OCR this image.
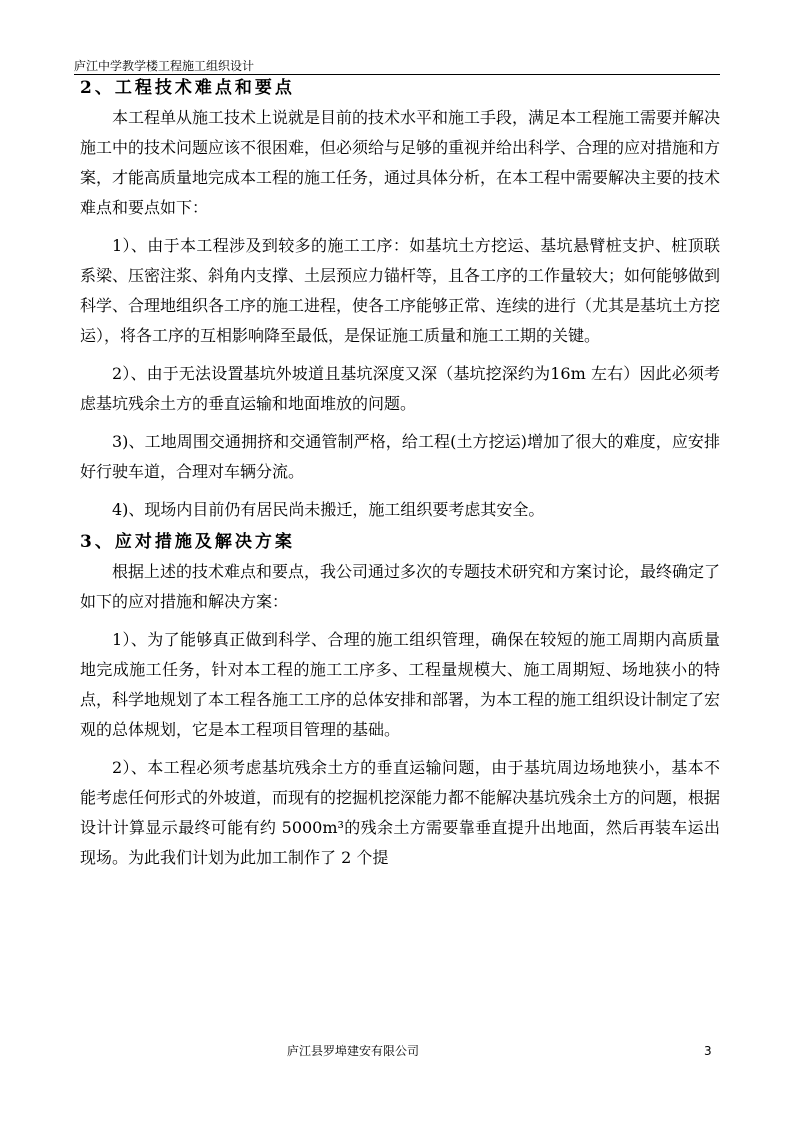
庐江中学教学楼工程施工组织设计
2、工程技术难点和要点

本工程单从施工技术上说就是目前的技术水平和施工手段，满足本工程施工需要并解决施工中的技术问题应该不很困难，但必须给与足够的重视并给出科学、合理的应对措施和方案，才能高质量地完成本工程的施工任务，通过具体分析，在本工程中需要解决主要的技术难点和要点如下：

1）、由于本工程涉及到较多的施工工序：如基坑土方挖运、基坑悬臂桩支护、桩顶联系梁、压密注浆、斜角内支撑、土层预应力锚杆等，且各工序的工作量较大；如何能够做到科学、合理地组织各工序的施工进程，使各工序能够正常、连续的进行（尤其是基坑土方挖运），将各工序的互相影响降至最低，是保证施工质量和施工工期的关键。

2）、由于无法设置基坑外坡道且基坑深度又深（基坑挖深约为16m 左右）因此必须考虑基坑残余土方的垂直运输和地面堆放的问题。

3)、工地周围交通拥挤和交通管制严格，给工程(土方挖运)增加了很大的难度，应安排好行驶车道，合理对车辆分流。

4)、现场内目前仍有居民尚未搬迁，施工组织要考虑其安全。

3、应对措施及解决方案

根据上述的技术难点和要点，我公司通过多次的专题技术研究和方案讨论，最终确定了如下的应对措施和解决方案：

1）、为了能够真正做到科学、合理的施工组织管理，确保在较短的施工周期内高质量地完成施工任务，针对本工程的施工工序多、工程量规模大、施工周期短、场地狭小的特点，科学地规划了本工程各施工工序的总体安排和部署，为本工程的施工组织设计制定了宏观的总体规划，它是本工程项目管理的基础。

2）、本工程必须考虑基坑残余土方的垂直运输问题，由于基坑周边场地狭小，基本不能考虑任何形式的外坡道，而现有的挖掘机挖深能力都不能解决基坑残余土方的问题，根据设计计算显示最终可能有约 5000m³的残余土方需要靠垂直提升出地面，然后再装车运出现场。为此我们计划为此加工制作了 2 个提

庐江县罗埠建安有限公司	3
